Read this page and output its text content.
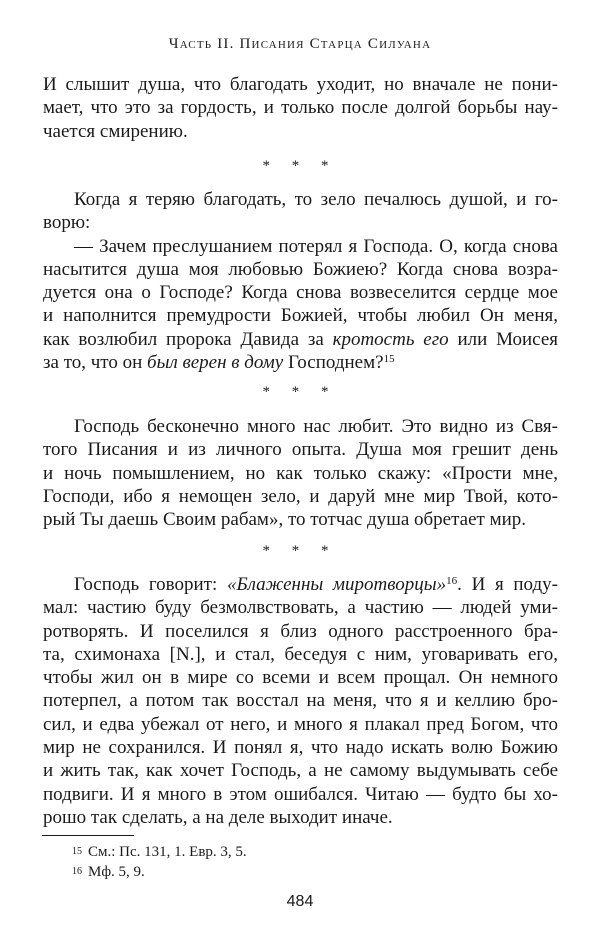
Часть II. Писания Старца Силуана
И слышит душа, что благодать уходит, но вначале не пони-
мает, что это за гордость, и только после долгой борьбы нау-
чается смирению.
* * *
Когда я теряю благодать, то зело печалюсь душой, и го-
ворю:
— Зачем преслушанием потерял я Господа. О, когда снова
насытится душа моя любовью Божиею? Когда снова возра-
дуется она о Господе? Когда снова возвеселится сердце мое
и наполнится премудрости Божией, чтобы любил Он меня,
как возлюбил пророка Давида за кротость его или Моисея
за то, что он был верен в дому Господнем?$^{15}$
* * *
Господь бесконечно много нас любит. Это видно из Свя-
того Писания и из личного опыта. Душа моя грешит день
и ночь помышлением, но как только скажу: «Прости мне,
Господи, ибо я немощен зело, и даруй мне мир Твой, кото-
рый Ты даешь Своим рабам», то тотчас душа обретает мир.
* * *
Господь говорит: «Блаженны миротворцы»$^{16}$. И я поду-
мал: частию буду безмолвствовать, а частию — людей уми-
ротворять. И поселился я близ одного расстроенного бра-
та, схимонаха [N.], и стал, беседуя с ним, уговаривать его,
чтобы жил он в мире со всеми и всем прощал. Он немного
потерпел, а потом так восстал на меня, что я и келлию бро-
сил, и едва убежал от него, и много я плакал пред Богом, что
мир не сохранился. И понял я, что надо искать волю Божию
и жить так, как хочет Господь, а не самому выдумывать себе
подвиги. И я много в этом ошибался. Читаю — будто бы хо-
рошо так сделать, а на деле выходит иначе.
$^{15}$ См.: Пс. 131, 1. Евр. 3, 5.
$^{16}$ Мф. 5, 9.
484
